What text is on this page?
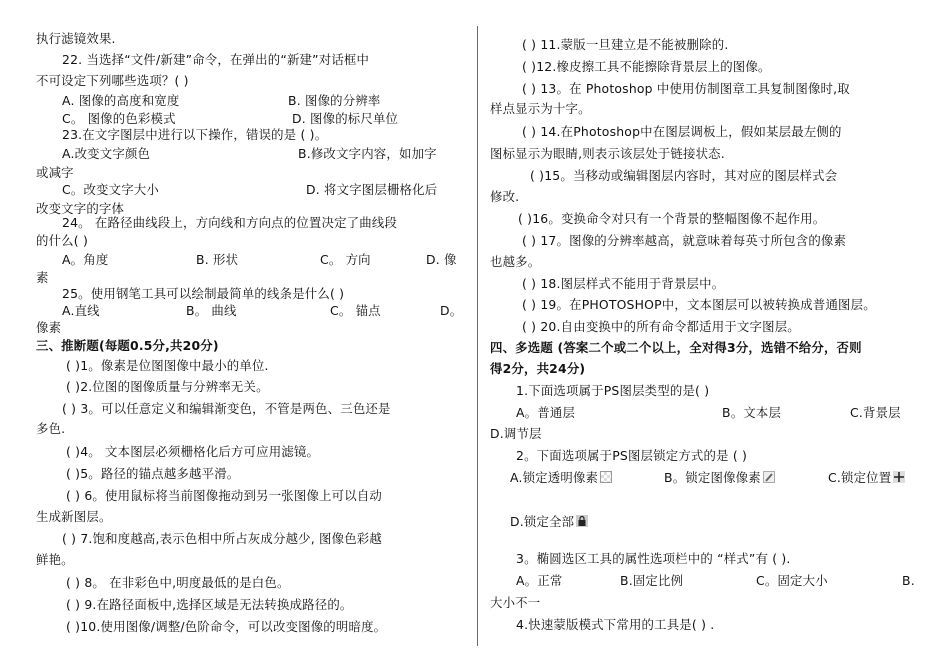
执行滤镜效果.
22. 当选择“文件/新建”命令，在弹出的“新建”对话框中
不可设定下列哪些选项？( )
A. 图像的高度和宽度	B. 图像的分辨率
C。 图像的色彩模式	D. 图像的标尺单位
23.在文字图层中进行以下操作，错误的是 ( )。
A.改变文字颜色	B.修改文字内容，如加字
或减字
C。改变文字大小	D. 将文字图层栅格化后
改变文字的字体
24。 在路径曲线段上，方向线和方向点的位置决定了曲线段
的什么( )
A。角度	B. 形状	C。 方向	D. 像
素
25。使用钢笔工具可以绘制最简单的线条是什么( )
A.直线	B。 曲线	C。 锚点	D。
像素
三、推断题(每题0.5分,共20分)
( )1。像素是位图图像中最小的单位.
( )2.位图的图像质量与分辨率无关。
( ) 3。可以任意定义和编辑渐变色，不管是两色、三色还是
多色.
( )4。 文本图层必须栅格化后方可应用滤镜。
( )5。路径的锚点越多越平滑。
( ) 6。使用鼠标将当前图像拖动到另一张图像上可以自动
生成新图层。
( ) 7.饱和度越高,表示色相中所占灰成分越少, 图像色彩越
鲜艳。
( ) 8。 在非彩色中,明度最低的是白色。
( ) 9.在路径面板中,选择区域是无法转换成路径的。
( )10.使用图像/调整/色阶命令，可以改变图像的明暗度。
( ) 11.蒙版一旦建立是不能被删除的.
( )12.橡皮擦工具不能擦除背景层上的图像。
( ) 13。在 Photoshop 中使用仿制图章工具复制图像时,取
样点显示为十字。
( ) 14.在Photoshop中在图层调板上，假如某层最左侧的
图标显示为眼睛,则表示该层处于链接状态.
( )15。当移动或编辑图层内容时，其对应的图层样式会
修改.
( )16。变换命令对只有一个背景的整幅图像不起作用。
( ) 17。图像的分辨率越高，就意味着每英寸所包含的像素
也越多。
( ) 18.图层样式不能用于背景层中。
( ) 19。在PHOTOSHOP中，文本图层可以被转换成普通图层。
( ) 20.自由变换中的所有命令都适用于文字图层。
四、多选题 (答案二个或二个以上，全对得3分，选错不给分，否则
得2分，共24分)
1.下面选项属于PS图层类型的是( )
A。普通层	B。文本层	C.背景层
D.调节层
2。下面选项属于PS图层锁定方式的是 ( )
A.锁定透明像素	B。锁定图像像素	C.锁定位置
D.锁定全部
3。椭圆选区工具的属性选项栏中的 “样式”有 ( ).
A。正常	B.固定比例	C。固定大小	B.
大小不一
4.快速蒙版模式下常用的工具是( ) .
